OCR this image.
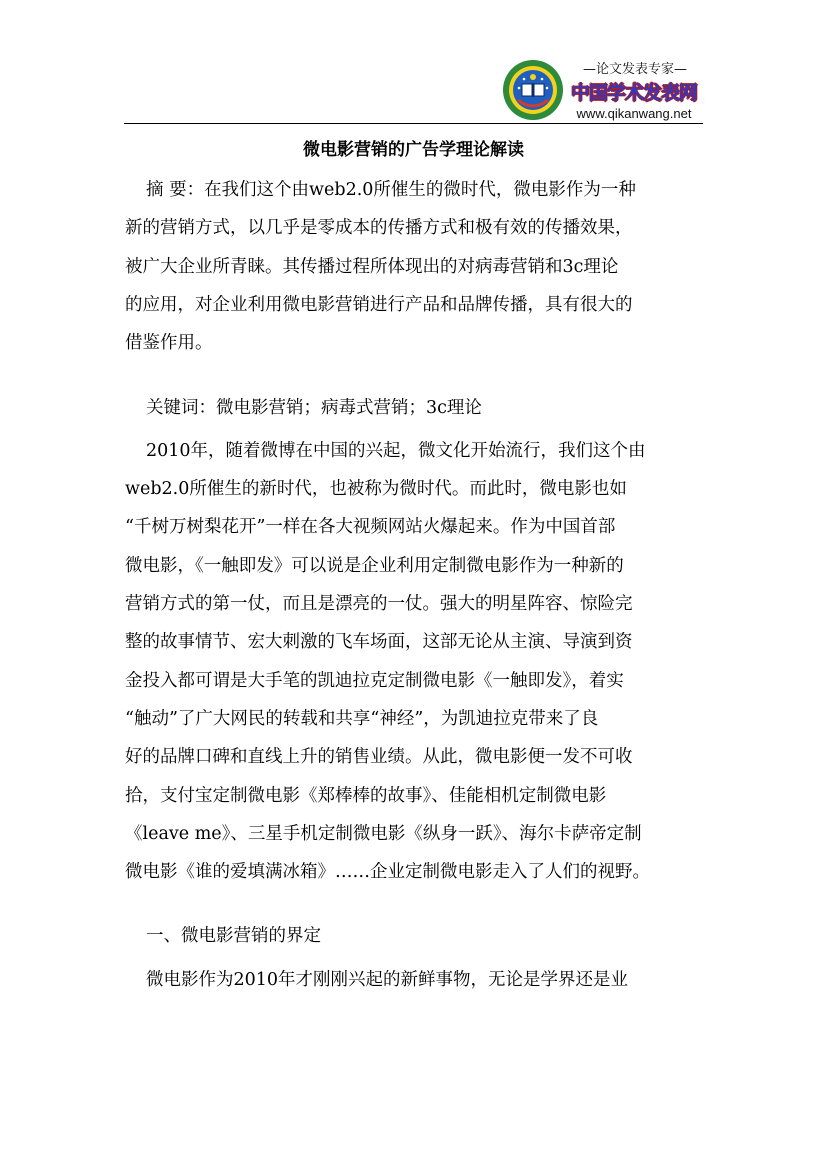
—论文发表专家—
中国学术发表网
www.qikanwang.net
微电影营销的广告学理论解读
摘 要：在我们这个由web2.0所催生的微时代，微电影作为一种
新的营销方式，以几乎是零成本的传播方式和极有效的传播效果，
被广大企业所青睐。其传播过程所体现出的对病毒营销和3c理论
的应用，对企业利用微电影营销进行产品和品牌传播，具有很大的
借鉴作用。
关键词：微电影营销；病毒式营销；3c理论
2010年，随着微博在中国的兴起，微文化开始流行，我们这个由
web2.0所催生的新时代，也被称为微时代。而此时，微电影也如
“千树万树梨花开”一样在各大视频网站火爆起来。作为中国首部
微电影，《一触即发》可以说是企业利用定制微电影作为一种新的
营销方式的第一仗，而且是漂亮的一仗。强大的明星阵容、惊险完
整的故事情节、宏大刺激的飞车场面，这部无论从主演、导演到资
金投入都可谓是大手笔的凯迪拉克定制微电影《一触即发》，着实
“触动”了广大网民的转载和共享“神经”，为凯迪拉克带来了良
好的品牌口碑和直线上升的销售业绩。从此，微电影便一发不可收
拾，支付宝定制微电影《郑棒棒的故事》、佳能相机定制微电影
《leave me》、三星手机定制微电影《纵身一跃》、海尔卡萨帝定制
微电影《谁的爱填满冰箱》……企业定制微电影走入了人们的视野。
一、微电影营销的界定
微电影作为2010年才刚刚兴起的新鲜事物，无论是学界还是业
